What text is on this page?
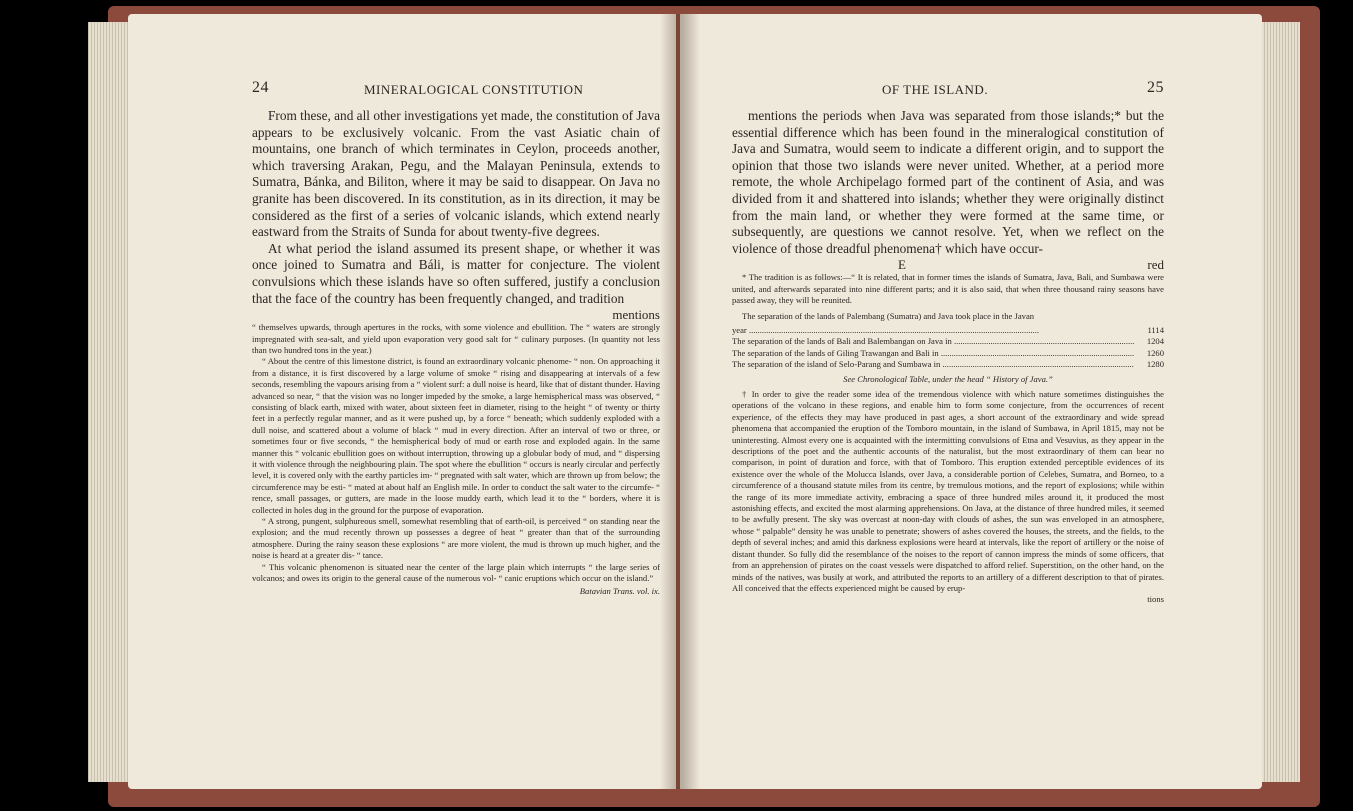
24	MINERALOGICAL CONSTITUTION

From these, and all other investigations yet made, the constitution of Java appears to be exclusively volcanic. From the vast Asiatic chain of mountains, one branch of which terminates in Ceylon, proceeds another, which traversing Arakan, Pegu, and the Malayan Peninsula, extends to Sumatra, Bánka, and Biliton, where it may be said to disappear. On Java no granite has been discovered. In its constitution, as in its direction, it may be considered as the first of a series of volcanic islands, which extend nearly eastward from the Straits of Sunda for about twenty-five degrees.

At what period the island assumed its present shape, or whether it was once joined to Sumatra and Báli, is matter for conjecture. The violent convulsions which these islands have so often suffered, justify a conclusion that the face of the country has been frequently changed, and tradition

mentions

“ themselves upwards, through apertures in the rocks, with some violence and ebullition. The “ waters are strongly impregnated with sea-salt, and yield upon evaporation very good salt for “ culinary purposes. (In quantity not less than two hundred tons in the year.)

“ About the centre of this limestone district, is found an extraordinary volcanic phenome- “ non. On approaching it from a distance, it is first discovered by a large volume of smoke “ rising and disappearing at intervals of a few seconds, resembling the vapours arising from a “ violent surf: a dull noise is heard, like that of distant thunder. Having advanced so near, “ that the vision was no longer impeded by the smoke, a large hemispherical mass was observed, “ consisting of black earth, mixed with water, about sixteen feet in diameter, rising to the height “ of twenty or thirty feet in a perfectly regular manner, and as it were pushed up, by a force “ beneath; which suddenly exploded with a dull noise, and scattered about a volume of black “ mud in every direction. After an interval of two or three, or sometimes four or five seconds, “ the hemispherical body of mud or earth rose and exploded again. In the same manner this “ volcanic ebullition goes on without interruption, throwing up a globular body of mud, and “ dispersing it with violence through the neighbouring plain. The spot where the ebullition “ occurs is nearly circular and perfectly level, it is covered only with the earthy particles im- “ pregnated with salt water, which are thrown up from below; the circumference may be esti- “ mated at about half an English mile. In order to conduct the salt water to the circumfe- “ rence, small passages, or gutters, are made in the loose muddy earth, which lead it to the “ borders, where it is collected in holes dug in the ground for the purpose of evaporation.

“ A strong, pungent, sulphureous smell, somewhat resembling that of earth-oil, is perceived “ on standing near the explosion; and the mud recently thrown up possesses a degree of heat “ greater than that of the surrounding atmosphere. During the rainy season these explosions “ are more violent, the mud is thrown up much higher, and the noise is heard at a greater dis- “ tance.

“ This volcanic phenomenon is situated near the center of the large plain which interrupts “ the large series of volcanos; and owes its origin to the general cause of the numerous vol- “ canic eruptions which occur on the island.”

Batavian Trans. vol. ix.
OF THE ISLAND.	25

mentions the periods when Java was separated from those islands;* but the essential difference which has been found in the mineralogical constitution of Java and Sumatra, would seem to indicate a different origin, and to support the opinion that those two islands were never united. Whether, at a period more remote, the whole Archipelago formed part of the continent of Asia, and was divided from it and shattered into islands; whether they were originally distinct from the main land, or whether they were formed at the same time, or subsequently, are questions we cannot resolve. Yet, when we reflect on the violence of those dreadful phenomena† which have occur-

E	red

* The tradition is as follows:—“ It is related, that in former times the islands of Sumatra, Java, Bali, and Sumbawa were united, and afterwards separated into nine different parts; and it is also said, that when three thousand rainy seasons have passed away, they will be reunited.

The separation of the lands of Palembang (Sumatra) and Java took place in the Javan

year .....	1114
The separation of the lands of Bali and Balembangan on Java in .....	1204
The separation of the lands of Giling Trawangan and Bali in .....	1260
The separation of the island of Selo-Parang and Sumbawa in .....	1280
See Chronological Table, under the head “ History of Java.”

† In order to give the reader some idea of the tremendous violence with which nature sometimes distinguishes the operations of the volcano in these regions, and enable him to form some conjecture, from the occurrences of recent experience, of the effects they may have produced in past ages, a short account of the extraordinary and wide spread phenomena that accompanied the eruption of the Tomboro mountain, in the island of Sumbawa, in April 1815, may not be uninteresting. Almost every one is acquainted with the intermitting convulsions of Etna and Vesuvius, as they appear in the descriptions of the poet and the authentic accounts of the naturalist, but the most extraordinary of them can bear no comparison, in point of duration and force, with that of Tomboro. This eruption extended perceptible evidences of its existence over the whole of the Molucca Islands, over Java, a considerable portion of Celebes, Sumatra, and Borneo, to a circumference of a thousand statute miles from its centre, by tremulous motions, and the report of explosions; while within the range of its more immediate activity, embracing a space of three hundred miles around it, it produced the most astonishing effects, and excited the most alarming apprehensions. On Java, at the distance of three hundred miles, it seemed to be awfully present. The sky was overcast at noon-day with clouds of ashes, the sun was enveloped in an atmosphere, whose “ palpable” density he was unable to penetrate; showers of ashes covered the houses, the streets, and the fields, to the depth of several inches; and amid this darkness explosions were heard at intervals, like the report of artillery or the noise of distant thunder. So fully did the resemblance of the noises to the report of cannon impress the minds of some officers, that from an apprehension of pirates on the coast vessels were dispatched to afford relief. Superstition, on the other hand, on the minds of the natives, was busily at work, and attributed the reports to an artillery of a different description to that of pirates. All conceived that the effects experienced might be caused by erup-

tions
